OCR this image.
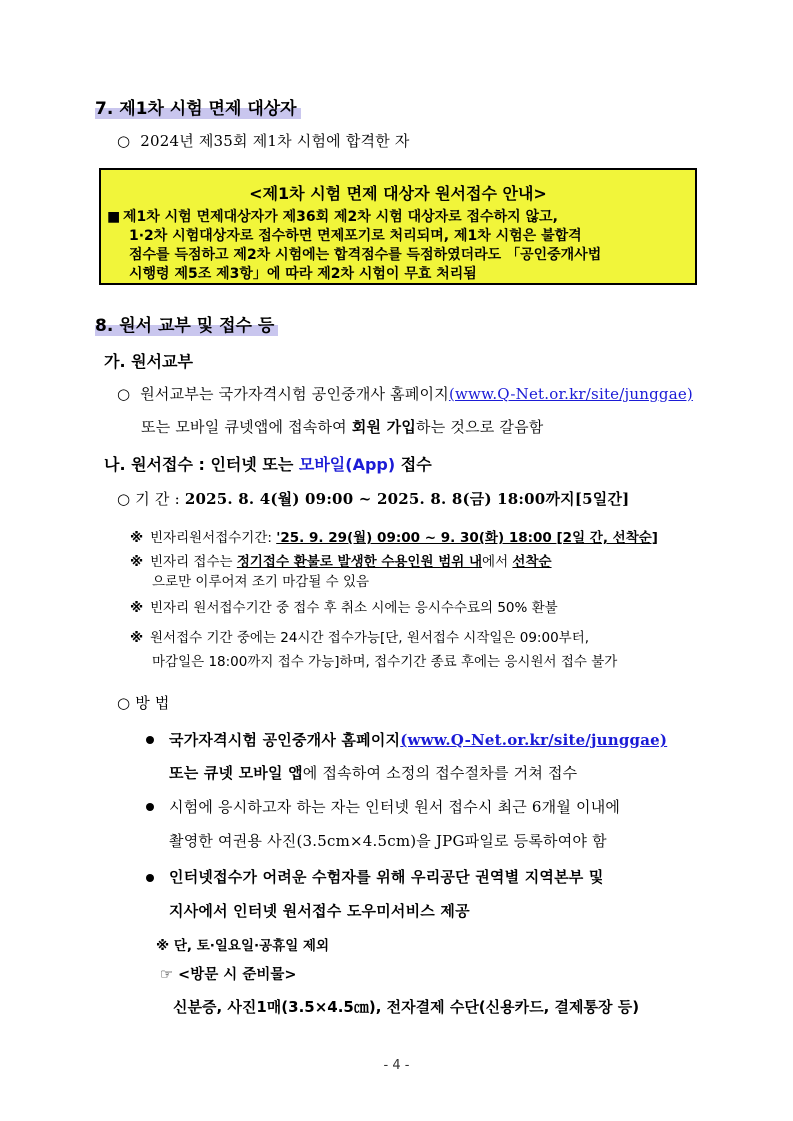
7. 제1차 시험 면제 대상자
○ 2024년 제35회 제1차 시험에 합격한 자
<제1차 시험 면제 대상자 원서접수 안내>
■ 제1차 시험 면제대상자가 제36회 제2차 시험 대상자로 접수하지 않고,
1·2차 시험대상자로 접수하면 면제포기로 처리되며, 제1차 시험은 불합격
점수를 득점하고 제2차 시험에는 합격점수를 득점하였더라도 「공인중개사법
시행령 제5조 제3항」에 따라 제2차 시험이 무효 처리됨
8. 원서 교부 및 접수 등
가. 원서교부
○ 원서교부는 국가자격시험 공인중개사 홈페이지(www.Q-Net.or.kr/site/junggae)
또는 모바일 큐넷앱에 접속하여 회원 가입하는 것으로 갈음함
나. 원서접수 : 인터넷 또는 모바일(App) 접수
○ 기 간 : 2025. 8. 4(월) 09:00 ~ 2025. 8. 8(금) 18:00까지[5일간]
※ 빈자리원서접수기간: '25. 9. 29(월) 09:00 ~ 9. 30(화) 18:00 [2일 간, 선착순]
※ 빈자리 접수는 정기접수 환불로 발생한 수용인원 범위 내에서 선착순
으로만 이루어져 조기 마감될 수 있음
※ 빈자리 원서접수기간 중 접수 후 취소 시에는 응시수수료의 50% 환불
※ 원서접수 기간 중에는 24시간 접수가능[단, 원서접수 시작일은 09:00부터,
마감일은 18:00까지 접수 가능]하며, 접수기간 종료 후에는 응시원서 접수 불가
○ 방 법
국가자격시험 공인중개사 홈페이지(www.Q-Net.or.kr/site/junggae)
또는 큐넷 모바일 앱에 접속하여 소정의 접수절차를 거쳐 접수
시험에 응시하고자 하는 자는 인터넷 원서 접수시 최근 6개월 이내에
촬영한 여권용 사진(3.5cm×4.5cm)을 JPG파일로 등록하여야 함
인터넷접수가 어려운 수험자를 위해 우리공단 권역별 지역본부 및
지사에서 인터넷 원서접수 도우미서비스 제공
※ 단, 토·일요일·공휴일 제외
☞ <방문 시 준비물>
신분증, 사진1매(3.5×4.5㎝), 전자결제 수단(신용카드, 결제통장 등)
- 4 -
